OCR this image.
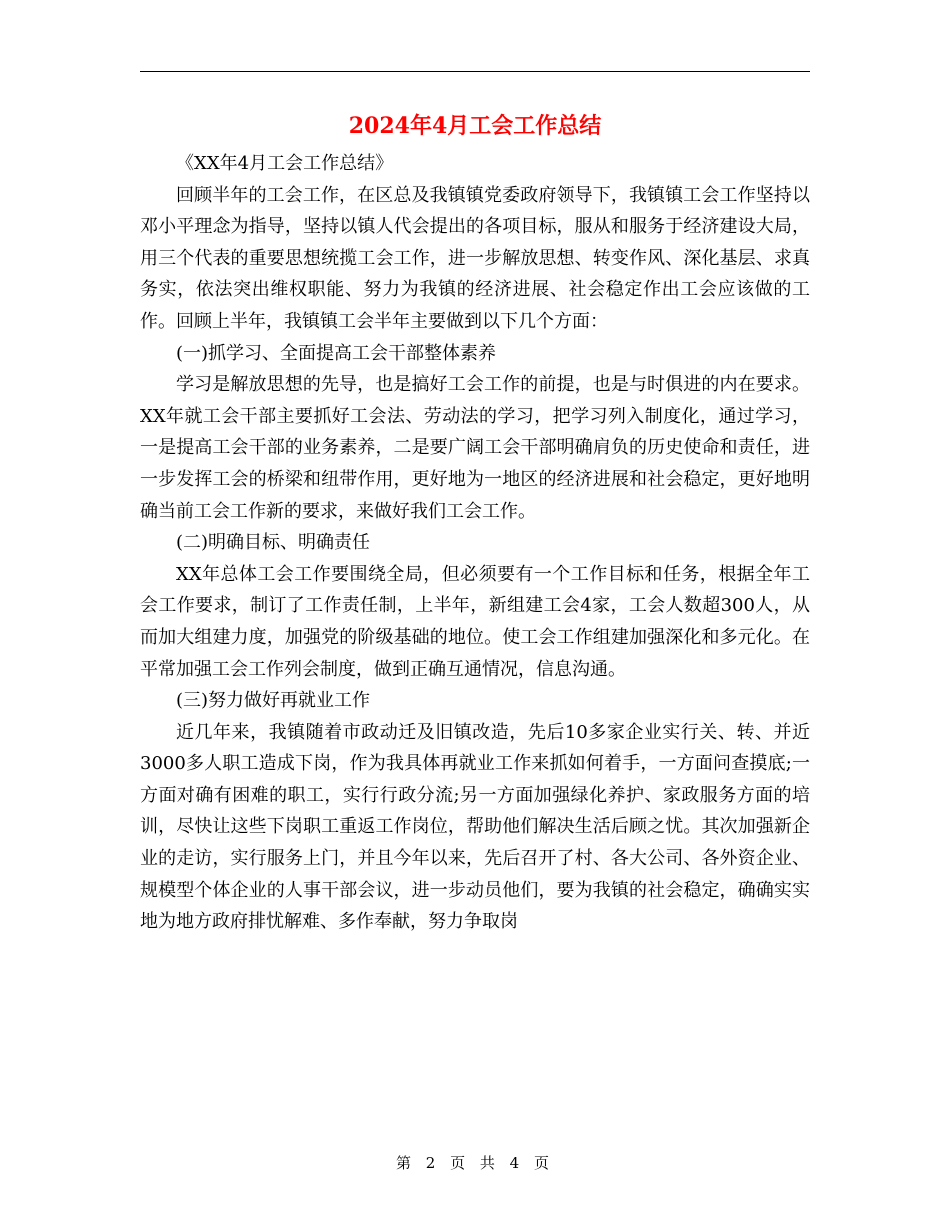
2024年4月工会工作总结

《XX年4月工会工作总结》

回顾半年的工会工作，在区总及我镇镇党委政府领导下，我镇镇工会工作坚持以邓小平理念为指导，坚持以镇人代会提出的各项目标，服从和服务于经济建设大局，用三个代表的重要思想统揽工会工作，进一步解放思想、转变作风、深化基层、求真务实，依法突出维权职能、努力为我镇的经济进展、社会稳定作出工会应该做的工作。回顾上半年，我镇镇工会半年主要做到以下几个方面：

(一)抓学习、全面提高工会干部整体素养

学习是解放思想的先导，也是搞好工会工作的前提，也是与时俱进的内在要求。XX年就工会干部主要抓好工会法、劳动法的学习，把学习列入制度化，通过学习，一是提高工会干部的业务素养，二是要广阔工会干部明确肩负的历史使命和责任，进一步发挥工会的桥梁和纽带作用，更好地为一地区的经济进展和社会稳定，更好地明确当前工会工作新的要求，来做好我们工会工作。

(二)明确目标、明确责任

XX年总体工会工作要围绕全局，但必须要有一个工作目标和任务，根据全年工会工作要求，制订了工作责任制，上半年，新组建工会4家，工会人数超300人，从而加大组建力度，加强党的阶级基础的地位。使工会工作组建加强深化和多元化。在平常加强工会工作列会制度，做到正确互通情况，信息沟通。

(三)努力做好再就业工作

近几年来，我镇随着市政动迁及旧镇改造，先后10多家企业实行关、转、并近3000多人职工造成下岗，作为我具体再就业工作来抓如何着手，一方面问查摸底;一方面对确有困难的职工，实行行政分流;另一方面加强绿化养护、家政服务方面的培训，尽快让这些下岗职工重返工作岗位，帮助他们解决生活后顾之忧。其次加强新企业的走访，实行服务上门，并且今年以来，先后召开了村、各大公司、各外资企业、规模型个体企业的人事干部会议，进一步动员他们，要为我镇的社会稳定，确确实实地为地方政府排忧解难、多作奉献，努力争取岗

第 2 页 共 4 页
